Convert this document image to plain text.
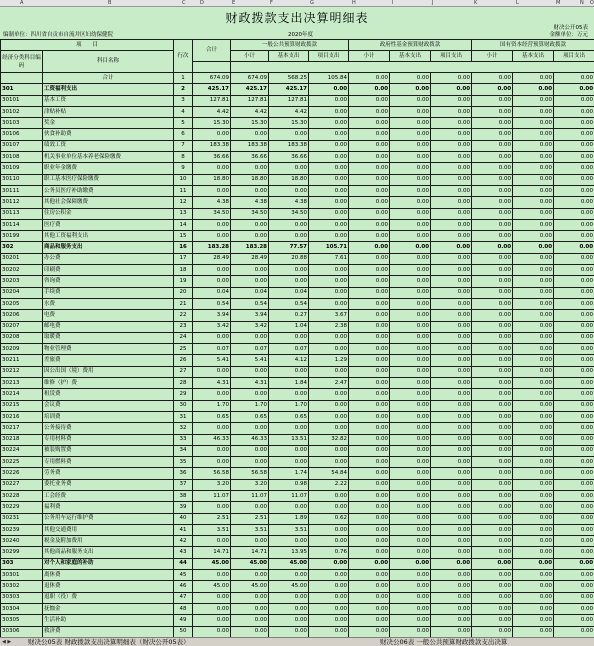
A	B	C	D	E	F	G	H	I	J	K	L	M	N O
财政拨款支出决算明细表
财决公开05表
编制单位：四川省自贡市自流井区妇幼保健院	2020年度	金额单位：万元
项　　目		行次	合计	一般公共预算财政拨款			政府性基金预算财政拨款			国有资本经营预算财政拨款		
经济分类科目编码	科目名称			小计	基本支出	项目支出	小计	基本支出	项目支出	小计	基本支出	项目支出

	合计	1	674.09	674.09	568.25	105.84	0.00	0.00	0.00	0.00	0.00	0.00
301	工资福利支出	2	425.17	425.17	425.17	0.00	0.00	0.00	0.00	0.00	0.00	0.00
30101	基本工资	3	127.81	127.81	127.81	0.00	0.00	0.00	0.00	0.00	0.00	0.00
30102	津贴补贴	4	4.42	4.42	4.42	0.00	0.00	0.00	0.00	0.00	0.00	0.00
30103	奖金	5	15.30	15.30	15.30	0.00	0.00	0.00	0.00	0.00	0.00	0.00
30106	伙食补助费	6	0.00	0.00	0.00	0.00	0.00	0.00	0.00	0.00	0.00	0.00
30107	绩效工资	7	183.38	183.38	183.38	0.00	0.00	0.00	0.00	0.00	0.00	0.00
30108	机关事业单位基本养老保险缴费	8	36.66	36.66	36.66	0.00	0.00	0.00	0.00	0.00	0.00	0.00
30109	职业年金缴费	9	0.00	0.00	0.00	0.00	0.00	0.00	0.00	0.00	0.00	0.00
30110	职工基本医疗保险缴费	10	18.80	18.80	18.80	0.00	0.00	0.00	0.00	0.00	0.00	0.00
30111	公务员医疗补助缴费	11	0.00	0.00	0.00	0.00	0.00	0.00	0.00	0.00	0.00	0.00
30112	其他社会保障缴费	12	4.38	4.38	4.38	0.00	0.00	0.00	0.00	0.00	0.00	0.00
30113	住房公积金	13	34.50	34.50	34.50	0.00	0.00	0.00	0.00	0.00	0.00	0.00
30114	医疗费	14	0.00	0.00	0.00	0.00	0.00	0.00	0.00	0.00	0.00	0.00
30199	其他工资福利支出	15	0.00	0.00	0.00	0.00	0.00	0.00	0.00	0.00	0.00	0.00
302	商品和服务支出	16	183.28	183.28	77.57	105.71	0.00	0.00	0.00	0.00	0.00	0.00
30201	办公费	17	28.49	28.49	20.88	7.61	0.00	0.00	0.00	0.00	0.00	0.00
30202	印刷费	18	0.00	0.00	0.00	0.00	0.00	0.00	0.00	0.00	0.00	0.00
30203	咨询费	19	0.00	0.00	0.00	0.00	0.00	0.00	0.00	0.00	0.00	0.00
30204	手续费	20	0.04	0.04	0.04	0.00	0.00	0.00	0.00	0.00	0.00	0.00
30205	水费	21	0.54	0.54	0.54	0.00	0.00	0.00	0.00	0.00	0.00	0.00
30206	电费	22	3.94	3.94	0.27	3.67	0.00	0.00	0.00	0.00	0.00	0.00
30207	邮电费	23	3.42	3.42	1.04	2.38	0.00	0.00	0.00	0.00	0.00	0.00
30208	取暖费	24	0.00	0.00	0.00	0.00	0.00	0.00	0.00	0.00	0.00	0.00
30209	物业管理费	25	0.07	0.07	0.07	0.00	0.00	0.00	0.00	0.00	0.00	0.00
30211	差旅费	26	5.41	5.41	4.12	1.29	0.00	0.00	0.00	0.00	0.00	0.00
30212	因公出国（境）费用	27	0.00	0.00	0.00	0.00	0.00	0.00	0.00	0.00	0.00	0.00
30213	维修（护）费	28	4.31	4.31	1.84	2.47	0.00	0.00	0.00	0.00	0.00	0.00
30214	租赁费	29	0.00	0.00	0.00	0.00	0.00	0.00	0.00	0.00	0.00	0.00
30215	会议费	30	1.70	1.70	1.70	0.00	0.00	0.00	0.00	0.00	0.00	0.00
30216	培训费	31	0.65	0.65	0.65	0.00	0.00	0.00	0.00	0.00	0.00	0.00
30217	公务接待费	32	0.00	0.00	0.00	0.00	0.00	0.00	0.00	0.00	0.00	0.00
30218	专用材料费	33	46.33	46.33	13.51	32.82	0.00	0.00	0.00	0.00	0.00	0.00
30224	被装购置费	34	0.00	0.00	0.00	0.00	0.00	0.00	0.00	0.00	0.00	0.00
30225	专用燃料费	35	0.00	0.00	0.00	0.00	0.00	0.00	0.00	0.00	0.00	0.00
30226	劳务费	36	56.58	56.58	1.74	54.84	0.00	0.00	0.00	0.00	0.00	0.00
30227	委托业务费	37	3.20	3.20	0.98	2.22	0.00	0.00	0.00	0.00	0.00	0.00
30228	工会经费	38	11.07	11.07	11.07	0.00	0.00	0.00	0.00	0.00	0.00	0.00
30229	福利费	39	0.00	0.00	0.00	0.00	0.00	0.00	0.00	0.00	0.00	0.00
30231	公务用车运行维护费	40	2.51	2.51	1.89	0.62	0.00	0.00	0.00	0.00	0.00	0.00
30239	其他交通费用	41	3.51	3.51	3.51	0.00	0.00	0.00	0.00	0.00	0.00	0.00
30240	税金及附加费用	42	0.00	0.00	0.00	0.00	0.00	0.00	0.00	0.00	0.00	0.00
30299	其他商品和服务支出	43	14.71	14.71	13.95	0.76	0.00	0.00	0.00	0.00	0.00	0.00
303	对个人和家庭的补助	44	45.00	45.00	45.00	0.00	0.00	0.00	0.00	0.00	0.00	0.00
30301	离休费	45	0.00	0.00	0.00	0.00	0.00	0.00	0.00	0.00	0.00	0.00
30302	退休费	46	45.00	45.00	45.00	0.00	0.00	0.00	0.00	0.00	0.00	0.00
30303	退职（役）费	47	0.00	0.00	0.00	0.00	0.00	0.00	0.00	0.00	0.00	0.00
30304	抚恤金	48	0.00	0.00	0.00	0.00	0.00	0.00	0.00	0.00	0.00	0.00
30305	生活补助	49	0.00	0.00	0.00	0.00	0.00	0.00	0.00	0.00	0.00	0.00
30306	救济费	50	0.00	0.00	0.00	0.00	0.00	0.00	0.00	0.00	0.00	0.00

◀ ▶	财决公05表 财政拨款支出决算明细表（财决公开05表）	财决公06表 一般公共预算财政拨款支出决算
